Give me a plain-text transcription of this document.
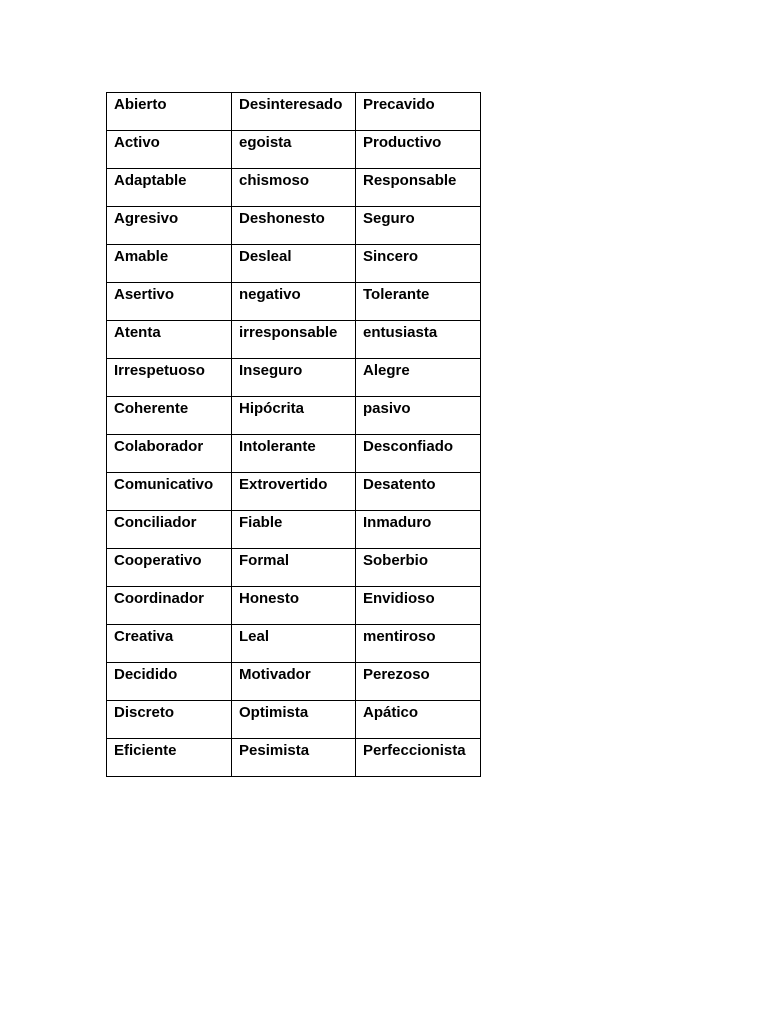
Abierto	Desinteresado	Precavido
Activo	egoista	Productivo
Adaptable	chismoso	Responsable
Agresivo	Deshonesto	Seguro
Amable	Desleal	Sincero
Asertivo	negativo	Tolerante
Atenta	irresponsable	entusiasta
Irrespetuoso	Inseguro	Alegre
Coherente	Hipócrita	pasivo
Colaborador	Intolerante	Desconfiado
Comunicativo	Extrovertido	Desatento
Conciliador	Fiable	Inmaduro
Cooperativo	Formal	Soberbio
Coordinador	Honesto	Envidioso
Creativa	Leal	mentiroso
Decidido	Motivador	Perezoso
Discreto	Optimista	Apático
Eficiente	Pesimista	Perfeccionista
